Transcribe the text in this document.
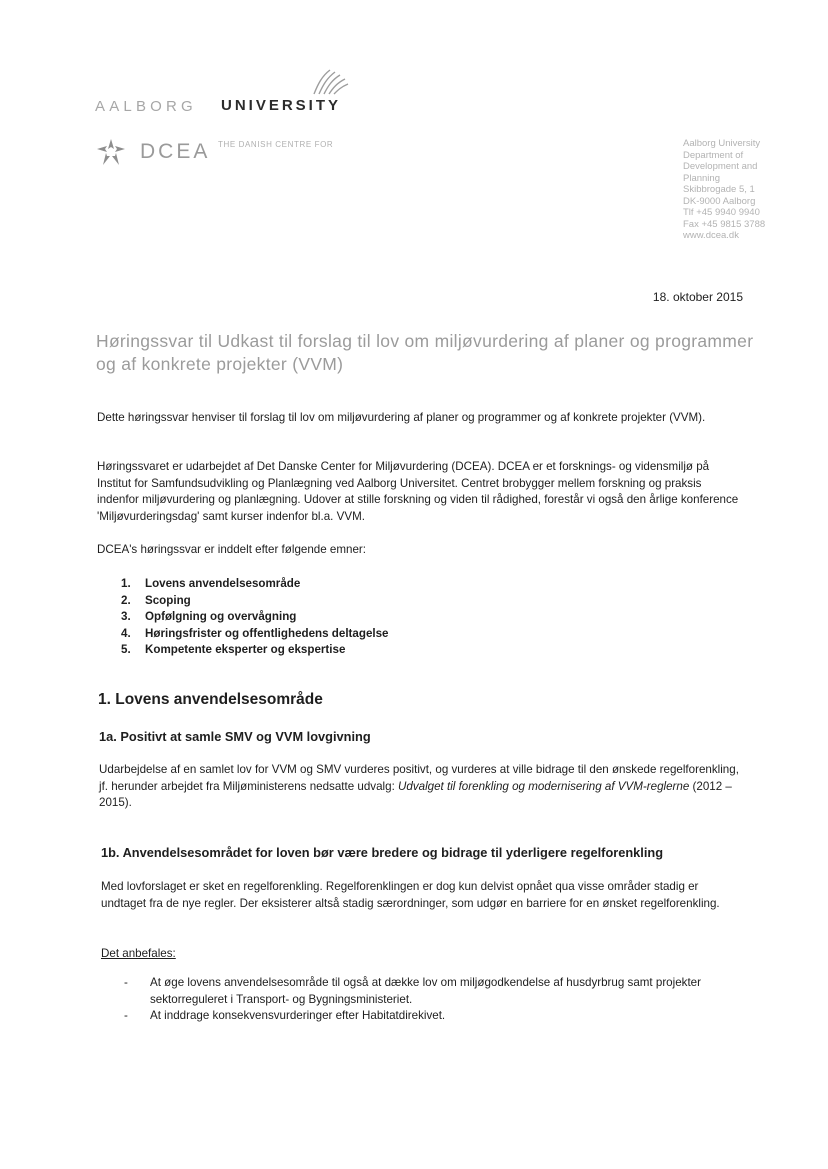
AALBORG UNIVERSITY
DCEA THE DANISH CENTRE FOR	Aalborg University
Department of
Development and
Planning
Skibbrogade 5, 1
DK-9000 Aalborg
Tlf +45 9940 9940
Fax +45 9815 3788
www.dcea.dk
18. oktober 2015
Høringssvar til Udkast til forslag til lov om miljøvurdering af planer og programmer og af konkrete projekter (VVM)
Dette høringssvar henviser til forslag til lov om miljøvurdering af planer og programmer og af konkrete projekter (VVM).
Høringssvaret er udarbejdet af Det Danske Center for Miljøvurdering (DCEA). DCEA er et forsknings- og vidensmiljø på Institut for Samfundsudvikling og Planlægning ved Aalborg Universitet. Centret brobygger mellem forskning og praksis indenfor miljøvurdering og planlægning. Udover at stille forskning og viden til rådighed, forestår vi også den årlige konference 'Miljøvurderingsdag' samt kurser indenfor bl.a. VVM.
DCEA's høringssvar er inddelt efter følgende emner:
1. Lovens anvendelsesområde
2. Scoping
3. Opfølgning og overvågning
4. Høringsfrister og offentlighedens deltagelse
5. Kompetente eksperter og ekspertise
1. Lovens anvendelsesområde
1a. Positivt at samle SMV og VVM lovgivning
Udarbejdelse af en samlet lov for VVM og SMV vurderes positivt, og vurderes at ville bidrage til den ønskede regelforenkling, jf. herunder arbejdet fra Miljøministerens nedsatte udvalg: Udvalget til forenkling og modernisering af VVM-reglerne (2012 – 2015).
1b. Anvendelsesområdet for loven bør være bredere og bidrage til yderligere regelforenkling
Med lovforslaget er sket en regelforenkling. Regelforenklingen er dog kun delvist opnået qua visse områder stadig er undtaget fra de nye regler. Der eksisterer altså stadig særordninger, som udgør en barriere for en ønsket regelforenkling.
Det anbefales:
- At øge lovens anvendelsesområde til også at dække lov om miljøgodkendelse af husdyrbrug samt projekter sektorreguleret i Transport- og Bygningsministeriet.
- At inddrage konsekvensvurderinger efter Habitatdirekivet.
